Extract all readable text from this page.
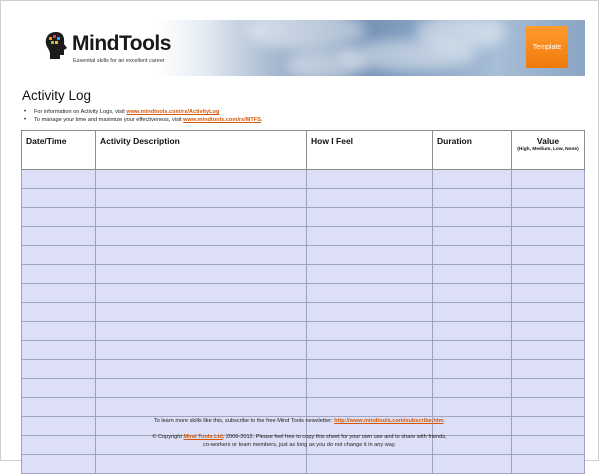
MindTools
Essential skills for an excellent career
Template
Activity Log
• For information on Activity Logs, visit www.mindtools.com/rs/ActivityLog
• To manage your time and maximize your effectiveness, visit www.mindtools.com/rs/MTFS.
Date/Time	Activity Description	How I Feel	Duration	Value
(High, Medium, Low, None)

To learn more skills like this, subscribe to the free Mind Tools newsletter: http://www.mindtools.com/subscribe.htm.
© Copyright Mind Tools Ltd, 2006-2012. Please feel free to copy this sheet for your own use and to share with friends,
co-workers or team members, just as long as you do not change it in any way.
